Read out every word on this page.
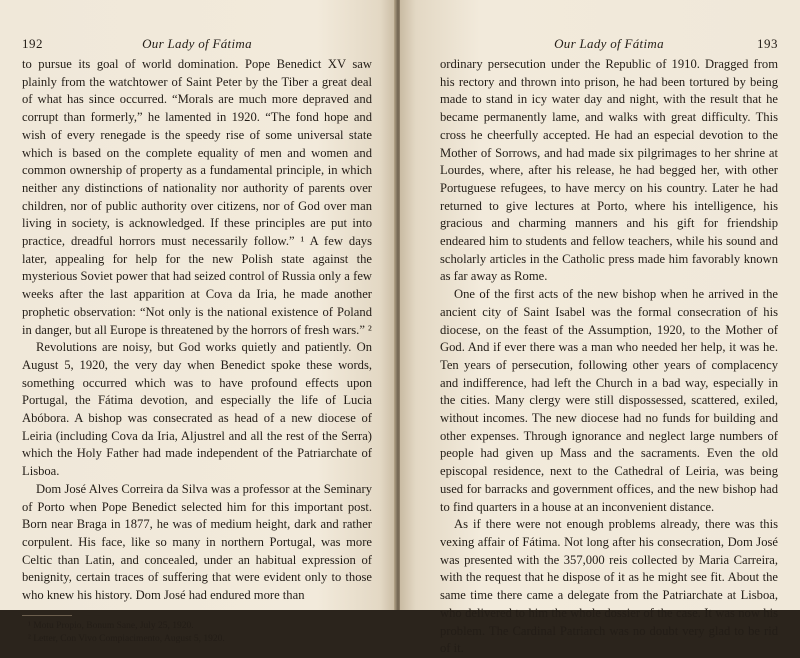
192	Our Lady of Fátima

to pursue its goal of world domination. Pope Benedict XV saw plainly from the watchtower of Saint Peter by the Tiber a great deal of what has since occurred. “Morals are much more depraved and corrupt than formerly,” he lamented in 1920. “The fond hope and wish of every renegade is the speedy rise of some universal state which is based on the complete equality of men and women and common ownership of property as a fundamental principle, in which neither any distinctions of nationality nor authority of parents over children, nor of public authority over citizens, nor of God over man living in society, is acknowledged. If these principles are put into practice, dreadful horrors must necessarily follow.” ¹ A few days later, appealing for help for the new Polish state against the mysterious Soviet power that had seized control of Russia only a few weeks after the last apparition at Cova da Iria, he made another prophetic observation: “Not only is the national existence of Poland in danger, but all Europe is threatened by the horrors of fresh wars.” ²

Revolutions are noisy, but God works quietly and patiently. On August 5, 1920, the very day when Benedict spoke these words, something occurred which was to have profound effects upon Portugal, the Fátima devotion, and especially the life of Lucia Abóbora. A bishop was consecrated as head of a new diocese of Leiria (including Cova da Iria, Aljustrel and all the rest of the Serra) which the Holy Father had made independent of the Patriarchate of Lisboa.

Dom José Alves Correira da Silva was a professor at the Seminary of Porto when Pope Benedict selected him for this important post. Born near Braga in 1877, he was of medium height, dark and rather corpulent. His face, like so many in northern Portugal, was more Celtic than Latin, and concealed, under an habitual expression of benignity, certain traces of suffering that were evident only to those who knew his history. Dom José had endured more than

¹ Motu Propio, Bonum Sane, July 25, 1920.
² Letter, Con Vivo Compiacimento, August 5, 1920.
Our Lady of Fátima	193

ordinary persecution under the Republic of 1910. Dragged from his rectory and thrown into prison, he had been tortured by being made to stand in icy water day and night, with the result that he became permanently lame, and walks with great difficulty. This cross he cheerfully accepted. He had an especial devotion to the Mother of Sorrows, and had made six pilgrimages to her shrine at Lourdes, where, after his release, he had begged her, with other Portuguese refugees, to have mercy on his country. Later he had returned to give lectures at Porto, where his intelligence, his gracious and charming manners and his gift for friendship endeared him to students and fellow teachers, while his sound and scholarly articles in the Catholic press made him favorably known as far away as Rome.

One of the first acts of the new bishop when he arrived in the ancient city of Saint Isabel was the formal consecration of his diocese, on the feast of the Assumption, 1920, to the Mother of God. And if ever there was a man who needed her help, it was he. Ten years of persecution, following other years of complacency and indifference, had left the Church in a bad way, especially in the cities. Many clergy were still dispossessed, scattered, exiled, without incomes. The new diocese had no funds for building and other expenses. Through ignorance and neglect large numbers of people had given up Mass and the sacraments. Even the old episcopal residence, next to the Cathedral of Leiria, was being used for barracks and government offices, and the new bishop had to find quarters in a house at an inconvenient distance.

As if there were not enough problems already, there was this vexing affair of Fátima. Not long after his consecration, Dom José was presented with the 357,000 reis collected by Maria Carreira, with the request that he dispose of it as he might see fit. About the same time there came a delegate from the Patriarchate at Lisboa, who delivered to him the whole dossier of the case. It was now his problem. The Cardinal Patriarch was no doubt very glad to be rid of it.
